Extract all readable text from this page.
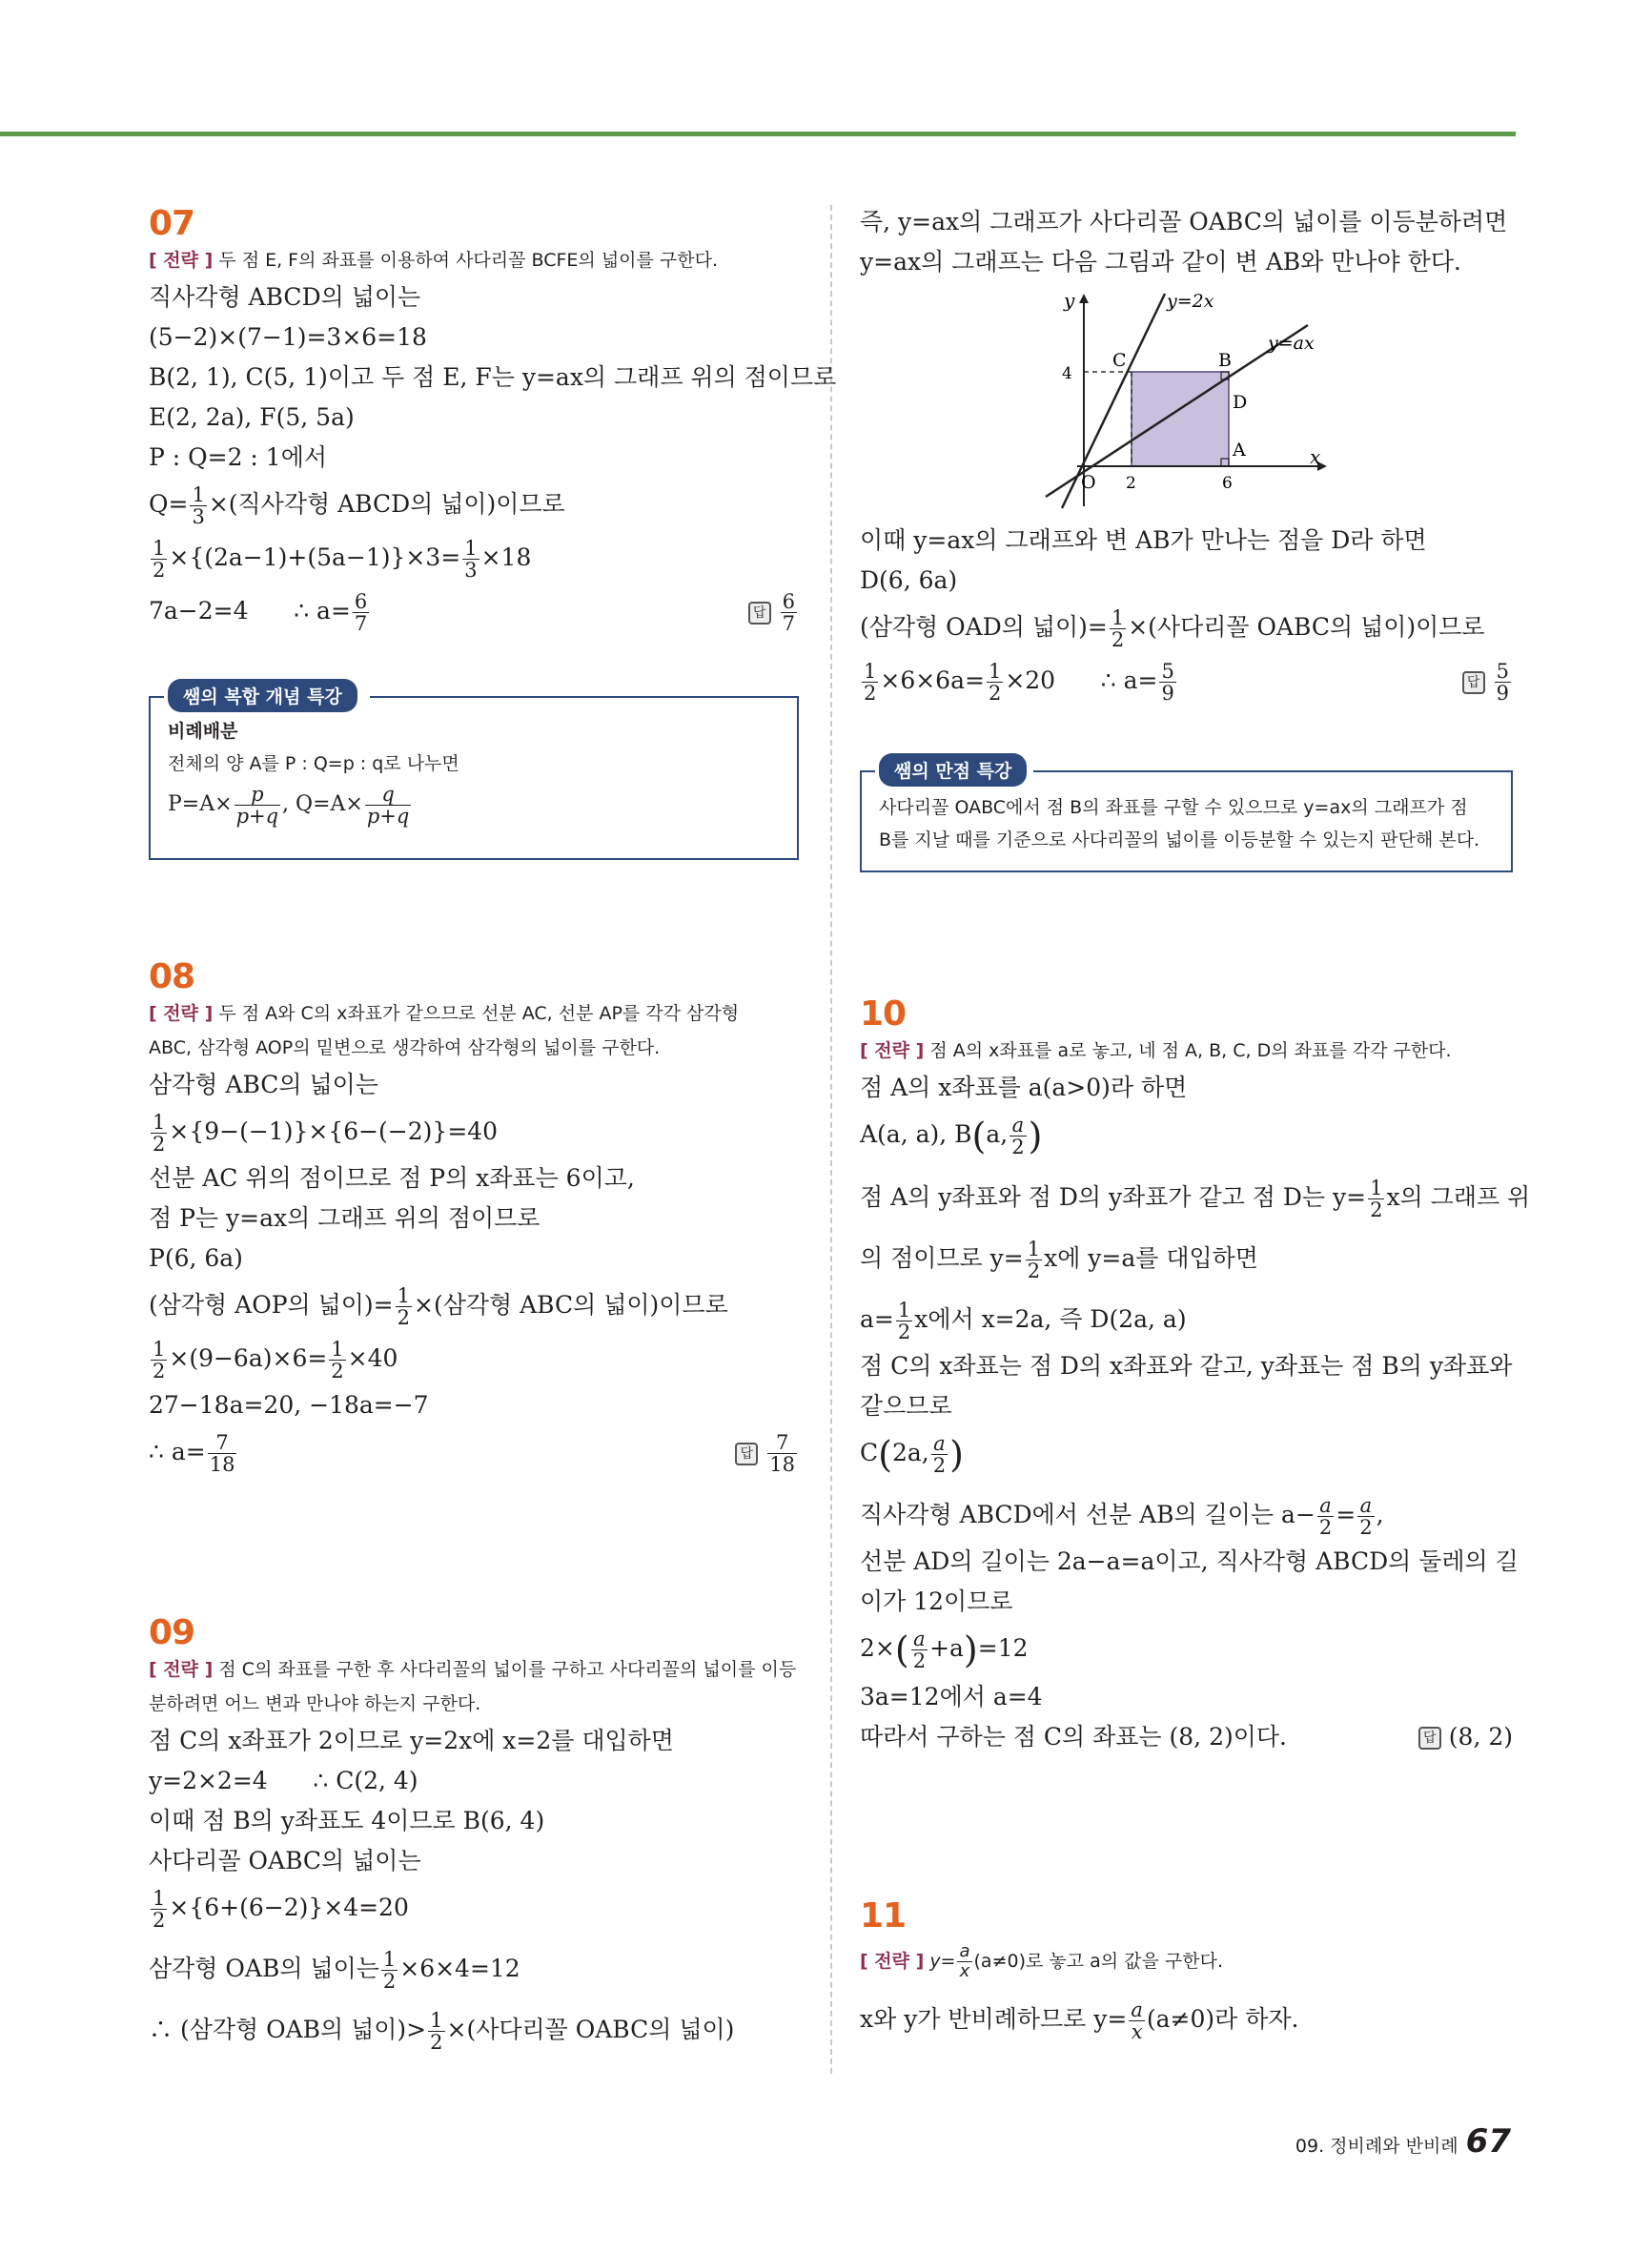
07
[ 전략 ] 두 점 E, F의 좌표를 이용하여 사다리꼴 BCFE의 넓이를 구한다.
직사각형 ABCD의 넓이는
(5−2)×(7−1)=3×6=18
B(2, 1), C(5, 1)이고 두 점 E, F는 y=ax의 그래프 위의 점이므로
E(2, 2a), F(5, 5a)
P : Q=2 : 1에서
$Q= \frac{1}{3}$ ×(직사각형 ABCD의 넓이)이므로
$\frac{1}{2} \times\{(2a-1)+(5a-1)\}\times 3= \frac{1}{3} \times 18$
7a−2=4      ∴ $a= \frac{6}{7}$	답 $\frac{6}{7}$
쌤의 복합 개념 특강
비례배분
전체의 양 A를 P : Q=p : q로 나누면
$P=A\times \frac{p}{p+q}$ , $Q=A\times \frac{q}{p+q}$
08
[ 전략 ] 두 점 A와 C의 x좌표가 같으므로 선분 AC, 선분 AP를 각각 삼각형
ABC, 삼각형 AOP의 밑변으로 생각하여 삼각형의 넓이를 구한다.
삼각형 ABC의 넓이는
$\frac{1}{2} \times\{9-(-1)\}\times\{6-(-2)\}=40$
선분 AC 위의 점이므로 점 P의 x좌표는 6이고,
점 P는 y=ax의 그래프 위의 점이므로
P(6, 6a)
(삼각형 AOP의 넓이)= $\frac{1}{2}$ ×(삼각형 ABC의 넓이)이므로
$\frac{1}{2} \times(9-6a)\times 6= \frac{1}{2} \times 40$
27−18a=20, −18a=−7
∴ $a= \frac{7}{18}$	답 $\frac{7}{18}$
09
[ 전략 ] 점 C의 좌표를 구한 후 사다리꼴의 넓이를 구하고 사다리꼴의 넓이를 이등
분하려면 어느 변과 만나야 하는지 구한다.
점 C의 x좌표가 2이므로 y=2x에 x=2를 대입하면
y=2×2=4      ∴ C(2, 4)
이때 점 B의 y좌표도 4이므로 B(6, 4)
사다리꼴 OABC의 넓이는
$\frac{1}{2} \times\{6+(6-2)\}\times 4=20$
삼각형 OAB의 넓이는 $\frac{1}{2} \times 6\times 4=12$
∴ (삼각형 OAB의 넓이)> $\frac{1}{2}$ ×(사다리꼴 OABC의 넓이)
즉, y=ax의 그래프가 사다리꼴 OABC의 넓이를 이등분하려면
y=ax의 그래프는 다음 그림과 같이 변 AB와 만나야 한다.
y
x
O
y=2x
y=ax
C	B
D
A
4
2	6
이때 y=ax의 그래프와 변 AB가 만나는 점을 D라 하면
D(6, 6a)
(삼각형 OAD의 넓이)= $\frac{1}{2}$ ×(사다리꼴 OABC의 넓이)이므로
$\frac{1}{2} \times 6\times 6a= \frac{1}{2} \times 20$      ∴ $a= \frac{5}{9}$	답 $\frac{5}{9}$
쌤의 만점 특강
사다리꼴 OABC에서 점 B의 좌표를 구할 수 있으므로 y=ax의 그래프가 점
B를 지날 때를 기준으로 사다리꼴의 넓이를 이등분할 수 있는지 판단해 본다.
10
[ 전략 ] 점 A의 x좌표를 a로 놓고, 네 점 A, B, C, D의 좌표를 각각 구한다.
점 A의 x좌표를 a(a>0)라 하면
A(a, a), B(a, $\frac{a}{2}$ )
점 A의 y좌표와 점 D의 y좌표가 같고 점 D는 $y= \frac{1}{2}$ x의 그래프 위
의 점이므로 $y= \frac{1}{2}$ x에 y=a를 대입하면
$a= \frac{1}{2}$ x에서 x=2a, 즉 D(2a, a)
점 C의 x좌표는 점 D의 x좌표와 같고, y좌표는 점 B의 y좌표와
같으므로
C(2a, $\frac{a}{2}$ )
직사각형 ABCD에서 선분 AB의 길이는 $a- \frac{a}{2} = \frac{a}{2}$ ,
선분 AD의 길이는 2a−a=a이고, 직사각형 ABCD의 둘레의 길
이가 12이므로
$2\times( \frac{a}{2} +a)=12$
3a=12에서 a=4
따라서 구하는 점 C의 좌표는 (8, 2)이다.	답 (8, 2)
11
[ 전략 ] $y= \frac{a}{x} (a\ne 0)$로 놓고 a의 값을 구한다.
x와 y가 반비례하므로 $y= \frac{a}{x} (a\ne 0)$라 하자.
09. 정비례와 반비례 67
